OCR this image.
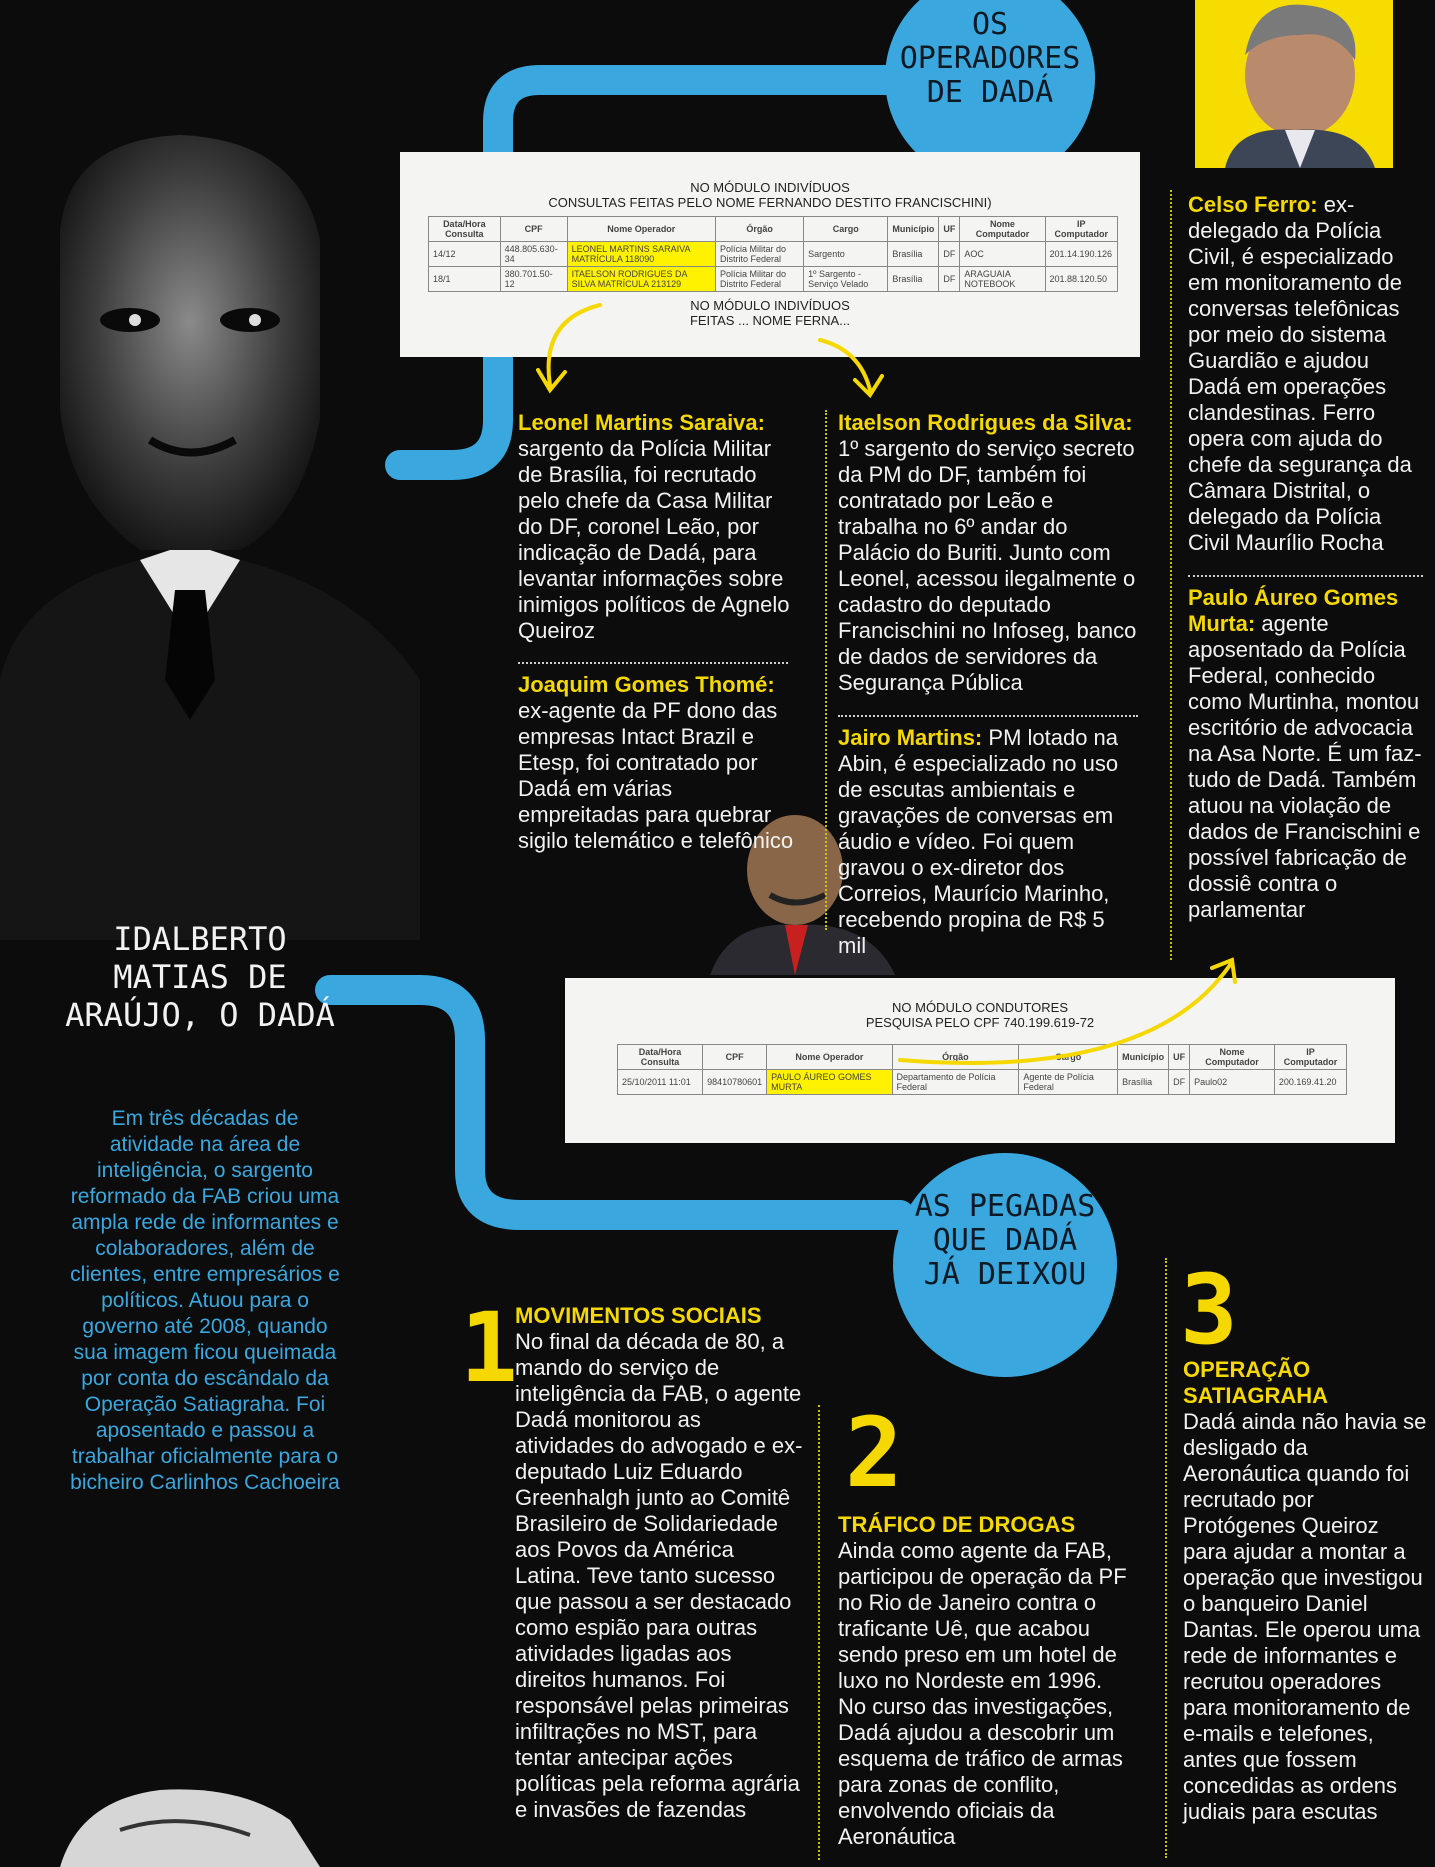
OS
OPERADORES
DE DADÁ
AS PEGADAS
QUE DADÁ
JÁ DEIXOU
NO MÓDULO INDIVÍDUOS
CONSULTAS FEITAS PELO NOME FERNANDO DESTITO FRANCISCHINI)
Data/Hora Consulta	CPF	Nome Operador	Órgão	Cargo	Município	UF	Nome Computador	IP Computador
14/12	448.805.630-34	LEONEL MARTINS SARAIVA MATRÍCULA 118090	Polícia Militar do Distrito Federal	Sargento	Brasília	DF	AOC	201.14.190.126
18/1	380.701.50-12	ITAELSON RODRIGUES DA SILVA MATRÍCULA 213129	Polícia Militar do Distrito Federal	1º Sargento - Serviço Velado	Brasília	DF	ARAGUAIA NOTEBOOK	201.88.120.50
NO MÓDULO INDIVÍDUOS
FEITAS ... NOME FERNA...
NO MÓDULO CONDUTORES
PESQUISA PELO CPF 740.199.619-72
Data/Hora Consulta	CPF	Nome Operador	Órgão	Cargo	Município	UF	Nome Computador	IP Computador
25/10/2011 11:01	98410780601	PAULO ÁUREO GOMES MURTA	Departamento de Polícia Federal	Agente de Polícia Federal	Brasília	DF	Paulo02	200.169.41.20
IDALBERTO
MATIAS DE
ARAÚJO, O DADÁ
Em três décadas de atividade na área de inteligência, o sargento reformado da FAB criou uma ampla rede de informantes e colaboradores, além de clientes, entre empresários e políticos. Atuou para o governo até 2008, quando sua imagem ficou queimada por conta do escândalo da Operação Satiagraha. Foi aposentado e passou a trabalhar oficialmente para o bicheiro Carlinhos Cachoeira
Leonel Martins Saraiva: sargento da Polícia Militar de Brasília, foi recrutado pelo chefe da Casa Militar do DF, coronel Leão, por indicação de Dadá, para levantar informações sobre inimigos políticos de Agnelo Queiroz
Joaquim Gomes Thomé: ex-agente da PF dono das empresas Intact Brazil e Etesp, foi contratado por Dadá em várias empreitadas para quebrar sigilo telemático e telefônico
Itaelson Rodrigues da Silva: 1º sargento do serviço secreto da PM do DF, também foi contratado por Leão e trabalha no 6º andar do Palácio do Buriti. Junto com Leonel, acessou ilegalmente o cadastro do deputado Francischini no Infoseg, banco de dados de servidores da Segurança Pública
Jairo Martins: PM lotado na Abin, é especializado no uso de escutas ambientais e gravações de conversas em áudio e vídeo. Foi quem gravou o ex-diretor dos Correios, Maurício Marinho, recebendo propina de R$ 5 mil
Celso Ferro: ex-delegado da Polícia Civil, é especializado em monitoramento de conversas telefônicas por meio do sistema Guardião e ajudou Dadá em operações clandestinas. Ferro opera com ajuda do chefe da segurança da Câmara Distrital, o delegado da Polícia Civil Maurílio Rocha
Paulo Áureo Gomes Murta: agente aposentado da Polícia Federal, conhecido como Murtinha, montou escritório de advocacia na Asa Norte. É um faz-tudo de Dadá. Também atuou na violação de dados de Francischini e possível fabricação de dossiê contra o parlamentar
1
MOVIMENTOS SOCIAIS
No final da década de 80, a mando do serviço de inteligência da FAB, o agente Dadá monitorou as atividades do advogado e ex-deputado Luiz Eduardo Greenhalgh junto ao Comitê Brasileiro de Solidariedade aos Povos da América Latina. Teve tanto sucesso que passou a ser destacado como espião para outras atividades ligadas aos direitos humanos. Foi responsável pelas primeiras infiltrações no MST, para tentar antecipar ações políticas pela reforma agrária e invasões de fazendas
2
TRÁFICO DE DROGAS
Ainda como agente da FAB, participou de operação da PF no Rio de Janeiro contra o traficante Uê, que acabou sendo preso em um hotel de luxo no Nordeste em 1996. No curso das investigações, Dadá ajudou a descobrir um esquema de tráfico de armas para zonas de conflito, envolvendo oficiais da Aeronáutica
3
OPERAÇÃO SATIAGRAHA
Dadá ainda não havia se desligado da Aeronáutica quando foi recrutado por Protógenes Queiroz para ajudar a montar a operação que investigou o banqueiro Daniel Dantas. Ele operou uma rede de informantes e recrutou operadores para monitoramento de e-mails e telefones, antes que fossem concedidas as ordens judiais para escutas
